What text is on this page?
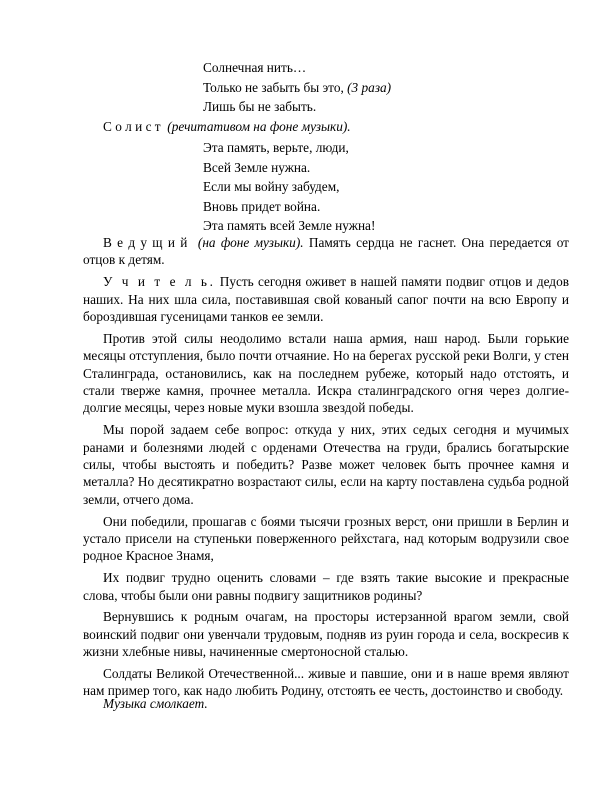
Солнечная нить…
Только не забыть бы это, (3 раза)
Лишь бы не забыть.
С о л и с т (речитативом на фоне музыки).
Эта память, верьте, люди,
Всей Земле нужна.
Если мы войну забудем,
Вновь придет война.
Эта память всей Земле нужна!

В е д у щ и й (на фоне музыки). Память сердца не гаснет. Она передается от отцов к детям.

У ч и т е л ь. Пусть сегодня оживет в нашей памяти подвиг отцов и дедов наших. На них шла сила, поставившая свой кованый сапог почти на всю Европу и бороздившая гусеницами танков ее земли.

Против этой силы неодолимо встали наша армия, наш народ. Были горькие месяцы отступления, было почти отчаяние. Но на берегах русской реки Волги, у стен Сталинграда, остановились, как на последнем рубеже, который надо отстоять, и стали тверже камня, прочнее металла. Искра сталинградского огня через долгие-долгие месяцы, через новые муки взошла звездой победы.

Мы порой задаем себе вопрос: откуда у них, этих седых сегодня и мучимых ранами и болезнями людей с орденами Отечества на груди, брались богатырские силы, чтобы выстоять и победить? Разве может человек быть прочнее камня и металла? Но десятикратно возрастают силы, если на карту поставлена судьба родной земли, отчего дома.

Они победили, прошагав с боями тысячи грозных верст, они пришли в Берлин и устало присели на ступеньки поверженного рейхстага, над которым водрузили свое родное Красное Знамя,

Их подвиг трудно оценить словами – где взять такие высокие и прекрасные слова, чтобы были они равны подвигу защитников родины?

Вернувшись к родным очагам, на просторы истерзанной врагом земли, свой воинский подвиг они увенчали трудовым, подняв из руин города и села, воскресив к жизни хлебные нивы, начиненные смертоносной сталью.

Солдаты Великой Отечественной... живые и павшие, они и в наше время являют нам пример того, как надо любить Родину, отстоять ее честь, достоинство и свободу.

Музыка смолкает.
